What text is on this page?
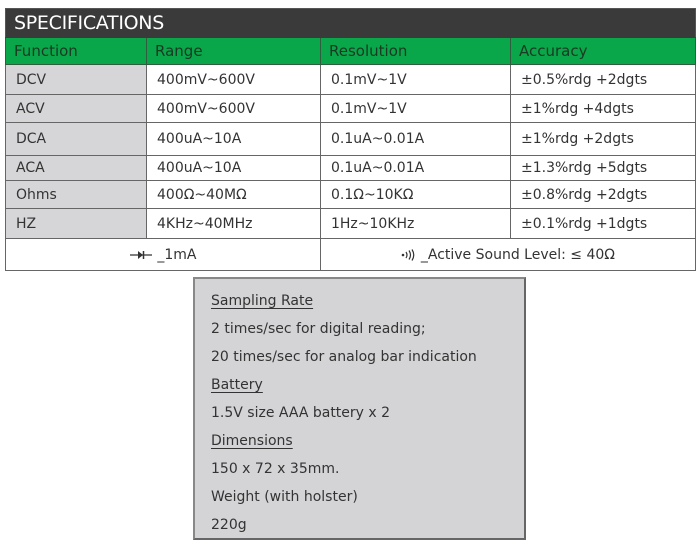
SPECIFICATIONS			
Function	Range	Resolution	Accuracy
DCV	400mV~600V	0.1mV~1V	±0.5%rdg +2dgts
ACV	400mV~600V	0.1mV~1V	±1%rdg +4dgts
DCA	400uA~10A	0.1uA~0.01A	±1%rdg +2dgts
ACA	400uA~10A	0.1uA~0.01A	±1.3%rdg +5dgts
Ohms	400Ω~40MΩ	0.1Ω~10KΩ	±0.8%rdg +2dgts
HZ	4KHz~40MHz	1Hz~10KHz	±0.1%rdg +1dgts
_1mA		_Active Sound Level: ≤ 40Ω	
Sampling Rate
2 times/sec for digital reading;
20 times/sec for analog bar indication
Battery
1.5V size AAA battery x 2
Dimensions
150 x 72 x 35mm.
Weight (with holster)
220g
